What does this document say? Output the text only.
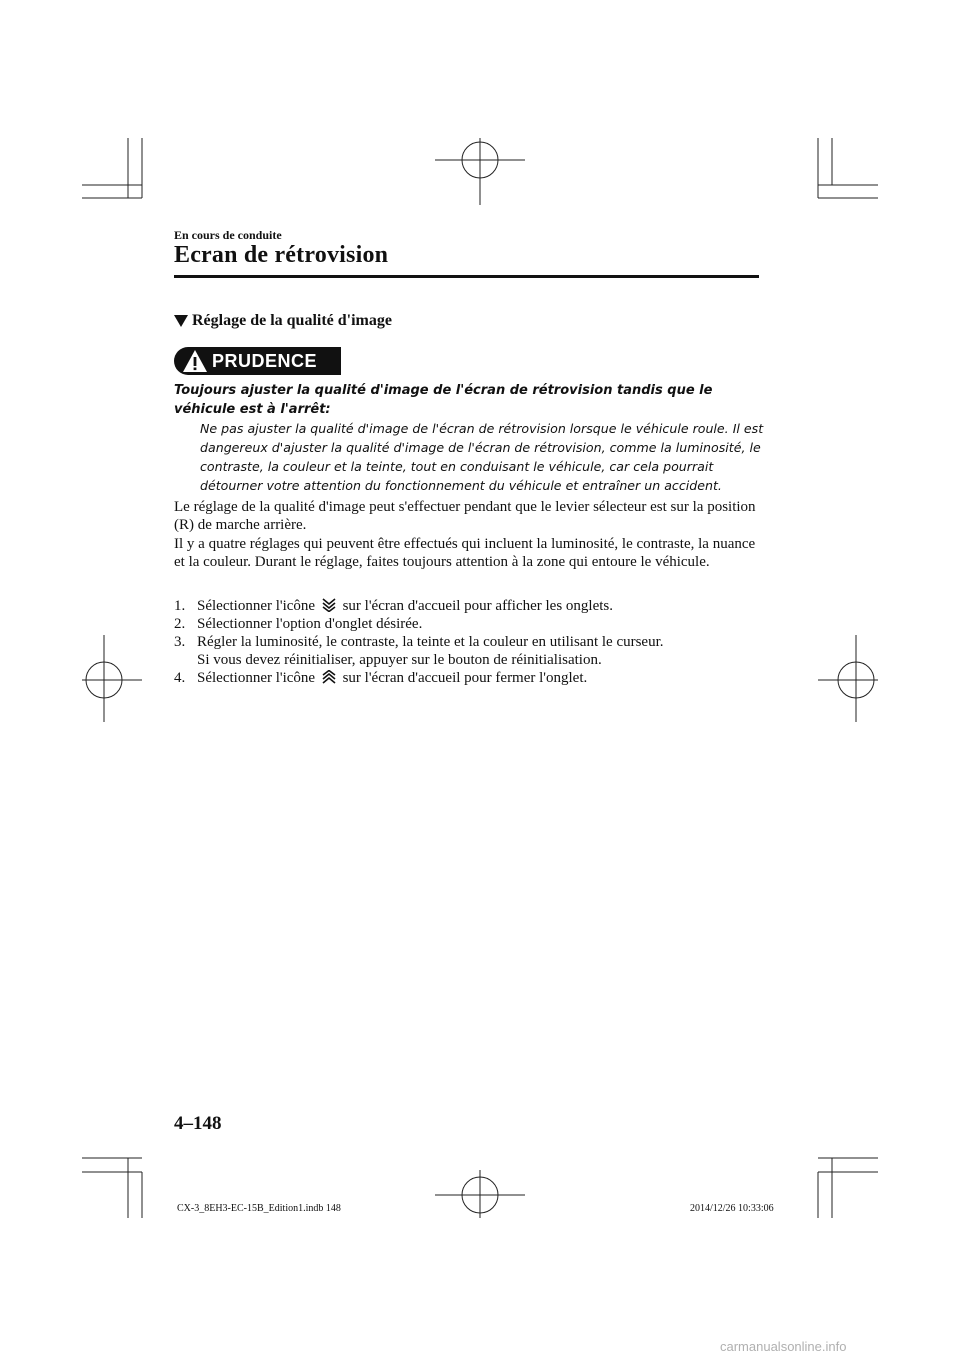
En cours de conduite
Ecran de rétrovision
Réglage de la qualité d'image
PRUDENCE
Toujours ajuster la qualité d'image de l'écran de rétrovision tandis que le véhicule est à l'arrêt:
Ne pas ajuster la qualité d'image de l'écran de rétrovision lorsque le véhicule roule. Il est dangereux d'ajuster la qualité d'image de l'écran de rétrovision, comme la luminosité, le contraste, la couleur et la teinte, tout en conduisant le véhicule, car cela pourrait détourner votre attention du fonctionnement du véhicule et entraîner un accident.
Le réglage de la qualité d'image peut s'effectuer pendant que le levier sélecteur est sur la position (R) de marche arrière.
Il y a quatre réglages qui peuvent être effectués qui incluent la luminosité, le contraste, la nuance et la couleur. Durant le réglage, faites toujours attention à la zone qui entoure le véhicule.
1. Sélectionner l'icône sur l'écran d'accueil pour afficher les onglets.
2. Sélectionner l'option d'onglet désirée.
3. Régler la luminosité, le contraste, la teinte et la couleur en utilisant le curseur.
Si vous devez réinitialiser, appuyer sur le bouton de réinitialisation.
4. Sélectionner l'icône sur l'écran d'accueil pour fermer l'onglet.
4–148
CX-3_8EH3-EC-15B_Edition1.indb 148	2014/12/26 10:33:06
carmanualsonline.info
